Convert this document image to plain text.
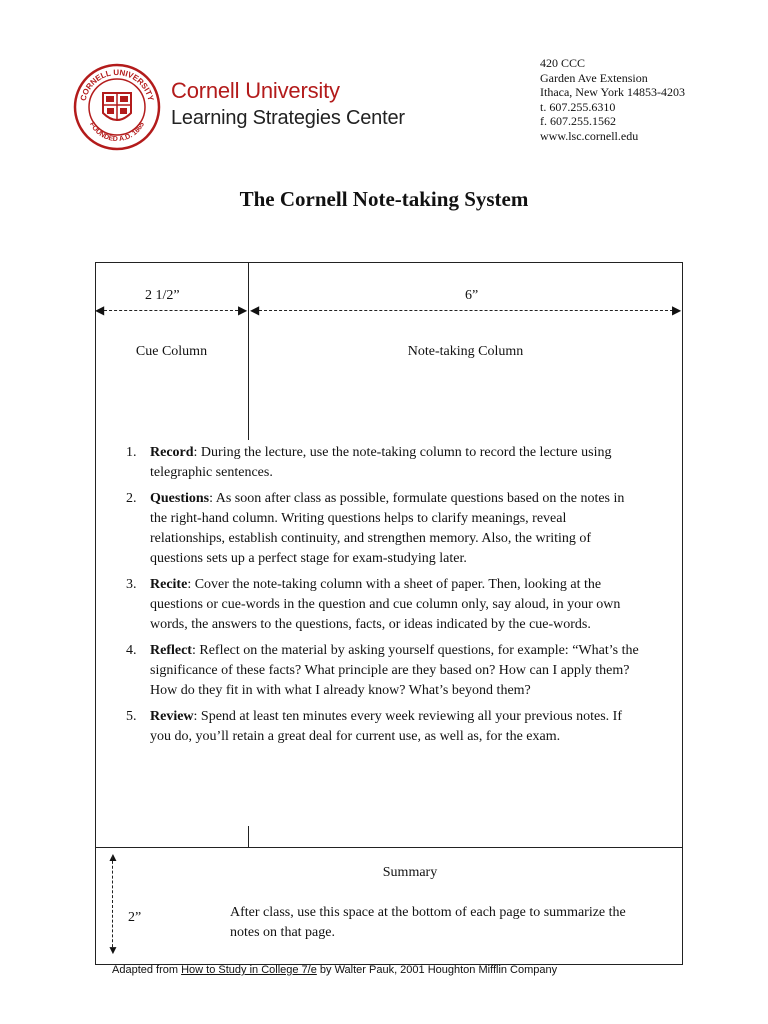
CORNELL UNIVERSITY
FOUNDED A.D. 1865
Cornell University
Learning Strategies Center
420 CCC
Garden Ave Extension
Ithaca, New York 14853-4203
t. 607.255.6310
f. 607.255.1562
www.lsc.cornell.edu
The Cornell Note-taking System
2 1/2”	6”
◀	▶ ◀	▶
Cue Column	Note-taking Column
1. Record: During the lecture, use the note-taking column to record the lecture using telegraphic sentences.
2. Questions: As soon after class as possible, formulate questions based on the notes in the right-hand column. Writing questions helps to clarify meanings, reveal relationships, establish continuity, and strengthen memory. Also, the writing of questions sets up a perfect stage for exam-studying later.
3. Recite: Cover the note-taking column with a sheet of paper. Then, looking at the questions or cue-words in the question and cue column only, say aloud, in your own words, the answers to the questions, facts, or ideas indicated by the cue-words.
4. Reflect: Reflect on the material by asking yourself questions, for example: “What’s the significance of these facts? What principle are they based on? How can I apply them? How do they fit in with what I already know? What’s beyond them?
5. Review: Spend at least ten minutes every week reviewing all your previous notes. If you do, you’ll retain a great deal for current use, as well as, for the exam.
▲
▼
2”
Summary
After class, use this space at the bottom of each page to summarize the notes on that page.
Adapted from How to Study in College 7/e by Walter Pauk, 2001 Houghton Mifflin Company
